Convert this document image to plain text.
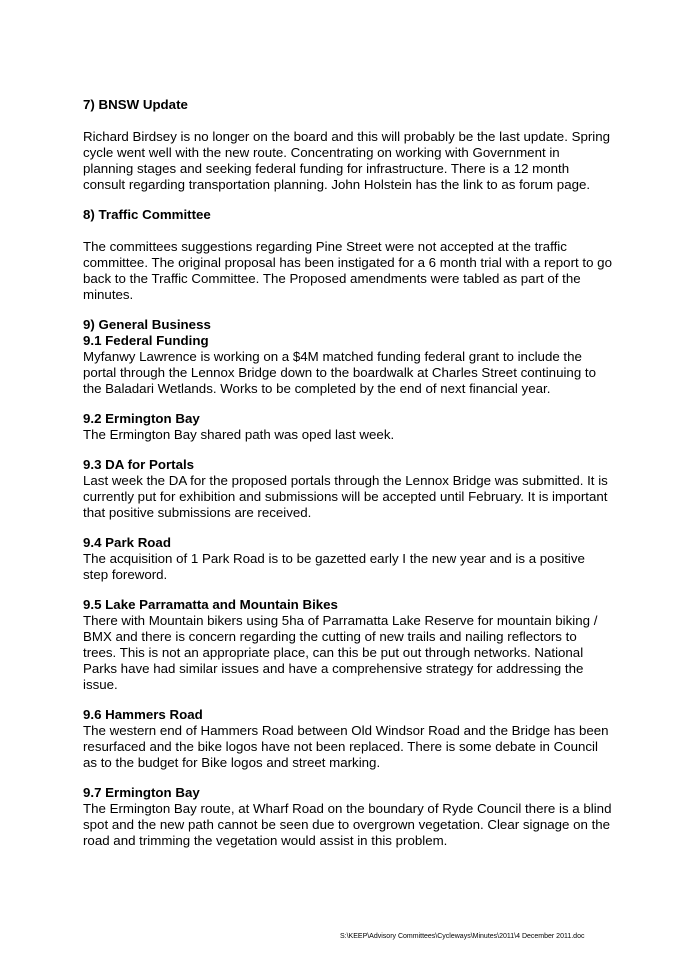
7) BNSW Update

Richard Birdsey is no longer on the board and this will probably be the last update. Spring cycle went well with the new route. Concentrating on working with Government in planning stages and seeking federal funding for infrastructure. There is a 12 month consult regarding transportation planning. John Holstein has the link to as forum page.

8) Traffic Committee

The committees suggestions regarding Pine Street were not accepted at the traffic committee. The original proposal has been instigated for a 6 month trial with a report to go back to the Traffic Committee. The Proposed amendments were tabled as part of the minutes.

9) General Business

9.1 Federal Funding

Myfanwy Lawrence is working on a $4M matched funding federal grant to include the portal through the Lennox Bridge down to the boardwalk at Charles Street continuing to the Baladari Wetlands. Works to be completed by the end of next financial year.

9.2 Ermington Bay

The Ermington Bay shared path was oped last week.

9.3 DA for Portals

Last week the DA for the proposed portals through the Lennox Bridge was submitted. It is currently put for exhibition and submissions will be accepted until February. It is important that positive submissions are received.

9.4 Park Road

The acquisition of 1 Park Road is to be gazetted early I the new year and is a positive step foreword.

9.5 Lake Parramatta and Mountain Bikes

There with Mountain bikers using 5ha of Parramatta Lake Reserve for mountain biking / BMX and there is concern regarding the cutting of new trails and nailing reflectors to trees. This is not an appropriate place, can this be put out through networks. National Parks have had similar issues and have a comprehensive strategy for addressing the issue.

9.6 Hammers Road

The western end of Hammers Road between Old Windsor Road and the Bridge has been resurfaced and the bike logos have not been replaced. There is some debate in Council as to the budget for Bike logos and street marking.

9.7 Ermington Bay

The Ermington Bay route, at Wharf Road on the boundary of Ryde Council there is a blind spot and the new path cannot be seen due to overgrown vegetation. Clear signage on the road and trimming the vegetation would assist in this problem.

S:\KEEP\Advisory Committees\Cycleways\Minutes\2011\4 December 2011.doc
